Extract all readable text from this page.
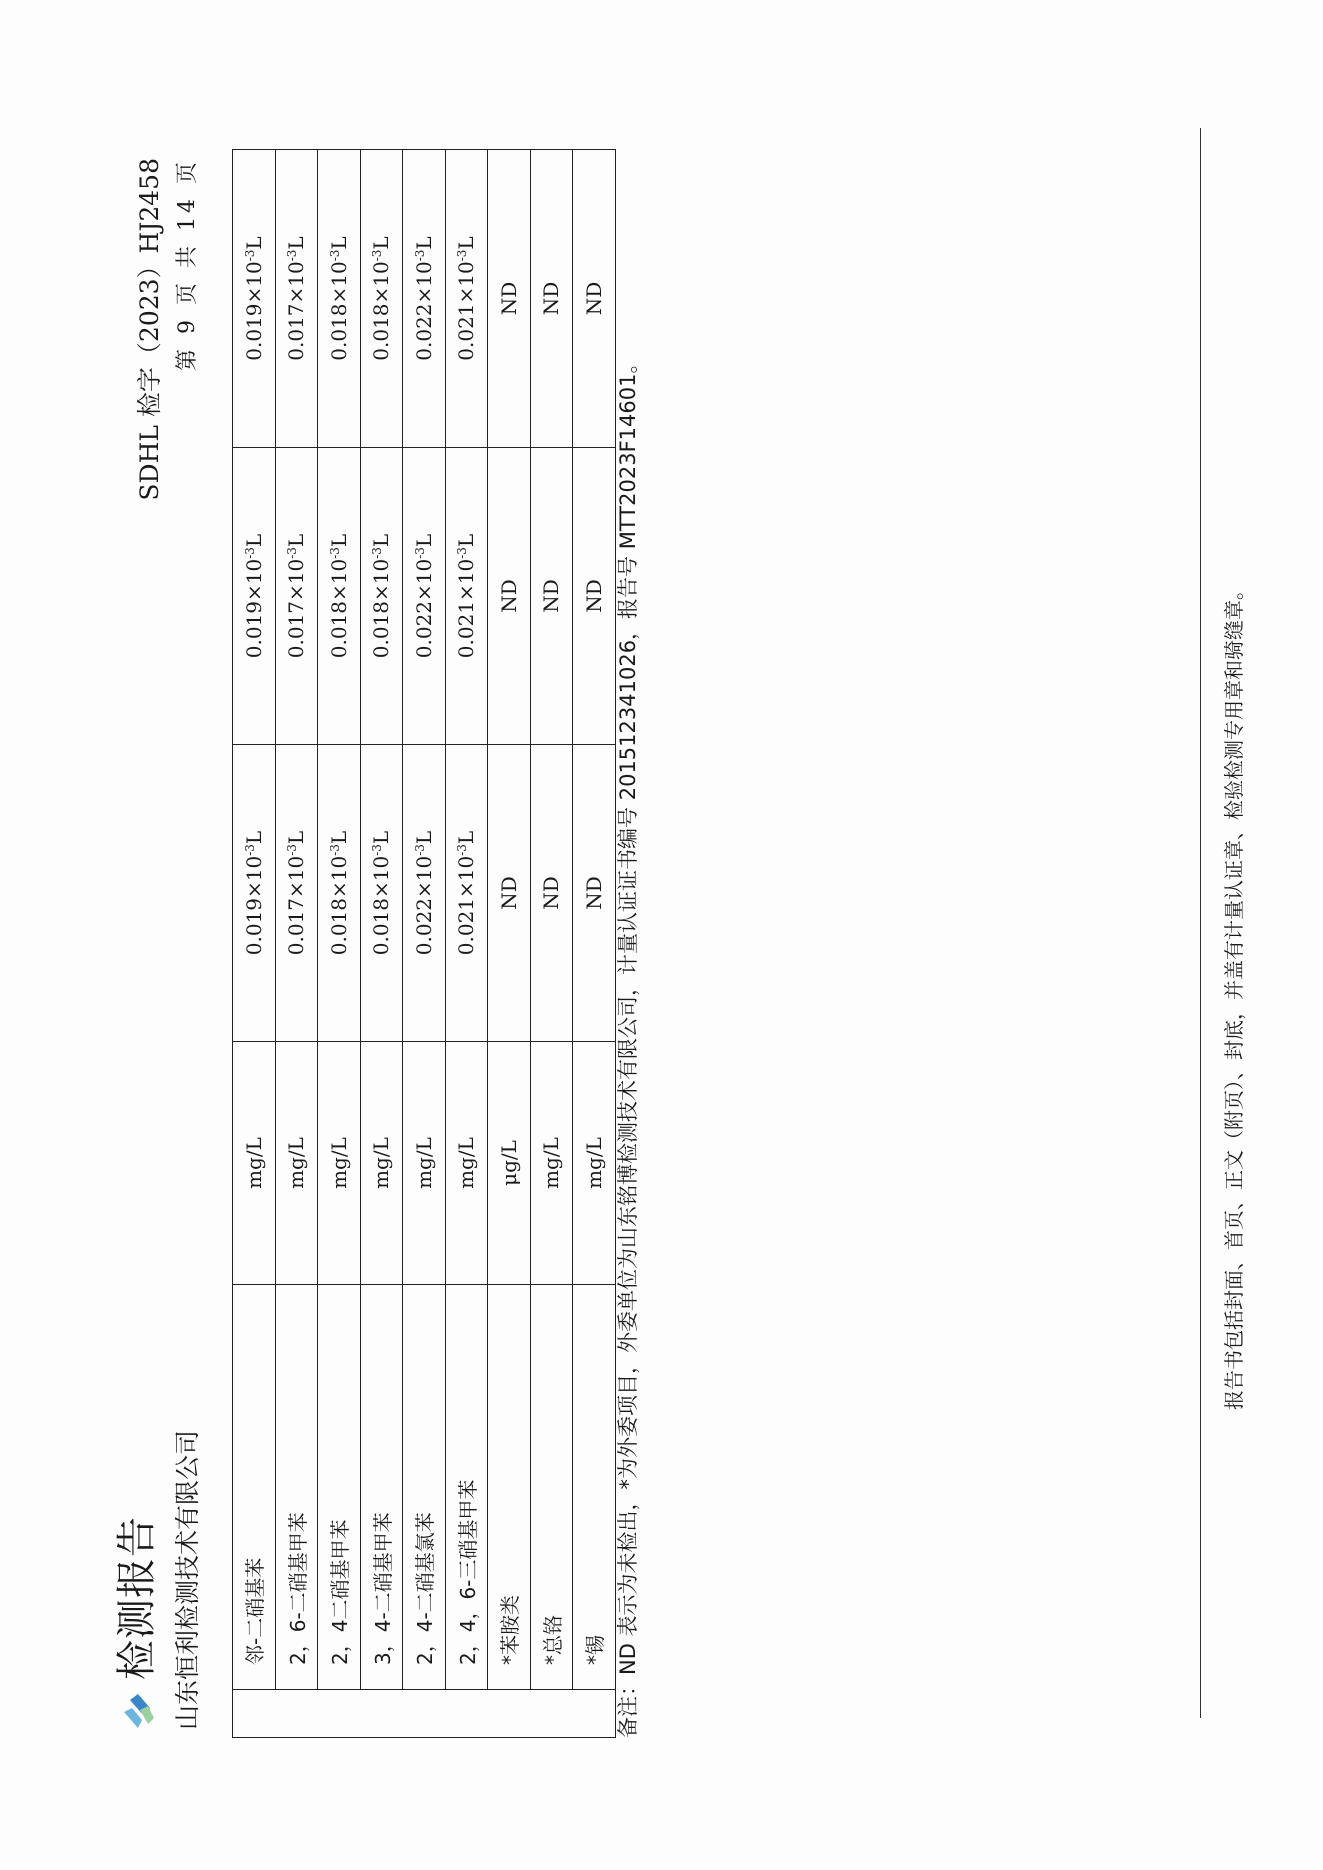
检测报告 山东恒利检测技术有限公司
SDHL 检字（2023）HJ2458 第 9 页 共 14 页
	邻-二硝基苯	mg/L	$0.019\times 10^{-3}L$	$0.019\times 10^{-3}L$	$0.019\times 10^{-3}L$
	2，6-二硝基甲苯	mg/L	$0.017\times 10^{-3}L$	$0.017\times 10^{-3}L$	$0.017\times 10^{-3}L$
	2，4二硝基甲苯	mg/L	$0.018\times 10^{-3}L$	$0.018\times 10^{-3}L$	$0.018\times 10^{-3}L$
	3，4-二硝基甲苯	mg/L	$0.018\times 10^{-3}L$	$0.018\times 10^{-3}L$	$0.018\times 10^{-3}L$
	2，4-二硝基氯苯	mg/L	$0.022\times 10^{-3}L$	$0.022\times 10^{-3}L$	$0.022\times 10^{-3}L$
	2，4，6-三硝基甲苯	mg/L	$0.021\times 10^{-3}L$	$0.021\times 10^{-3}L$	$0.021\times 10^{-3}L$
	*苯胺类	μg/L	ND	ND	ND
	*总铬	mg/L	ND	ND	ND
	*锡	mg/L	ND	ND	ND
备注：ND 表示为未检出，*为外委项目，外委单位为山东铭博检测技术有限公司，计量认证证书编号 201512341026，报告号 MTT2023F14601。	报告书包括封面、首页、正文（附页）、封底，并盖有计量认证章、检验检测专用章和骑缝章。
